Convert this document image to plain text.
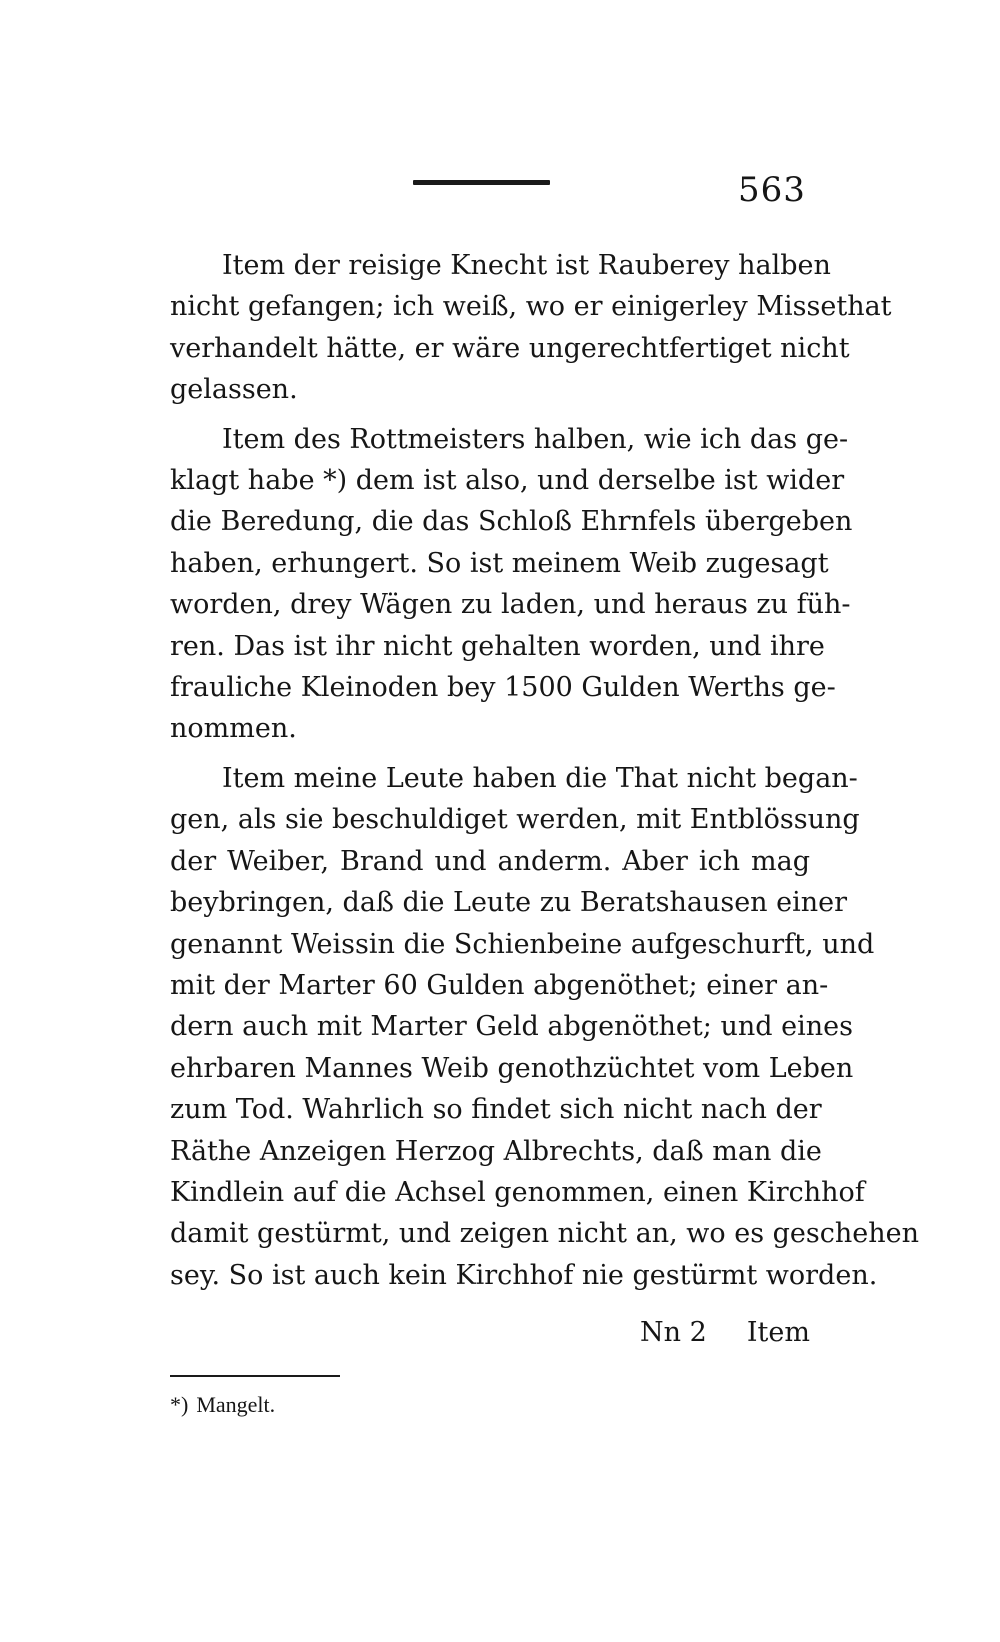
563
Item der reisige Knecht ist Rauberey halben
nicht gefangen; ich weiß, wo er einigerley Missethat
verhandelt hätte, er wäre ungerechtfertiget nicht
gelassen.
Item des Rottmeisters halben, wie ich das ge-
klagt habe *) dem ist also, und derselbe ist wider
die Beredung, die das Schloß Ehrnfels übergeben
haben, erhungert. So ist meinem Weib zugesagt
worden, drey Wägen zu laden, und heraus zu füh-
ren. Das ist ihr nicht gehalten worden, und ihre
frauliche Kleinoden bey 1500 Gulden Werths ge-
nommen.
Item meine Leute haben die That nicht began-
gen, als sie beschuldiget werden, mit Entblössung
der Weiber, Brand und anderm. Aber ich mag
beybringen, daß die Leute zu Beratshausen einer
genannt Weissin die Schienbeine aufgeschurft, und
mit der Marter 60 Gulden abgenöthet; einer an-
dern auch mit Marter Geld abgenöthet; und eines
ehrbaren Mannes Weib genothzüchtet vom Leben
zum Tod. Wahrlich so findet sich nicht nach der
Räthe Anzeigen Herzog Albrechts, daß man die
Kindlein auf die Achsel genommen, einen Kirchhof
damit gestürmt, und zeigen nicht an, wo es geschehen
sey. So ist auch kein Kirchhof nie gestürmt worden.
Nn 2 Item
*) Mangelt.
